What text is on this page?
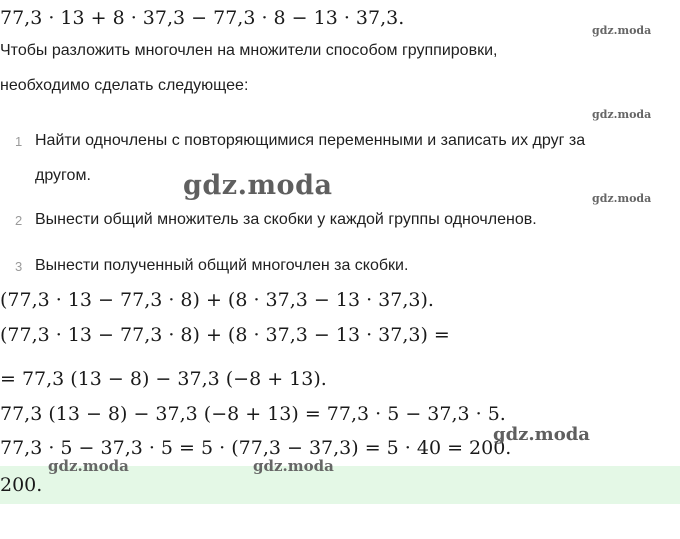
77,3 · 13 + 8 · 37,3 − 77,3 · 8 − 13 · 37,3.
Чтобы разложить многочлен на множители способом группировки,
необходимо сделать следующее:
1 Найти одночлены с повторяющимися переменными и записать их друг за
другом.
2 Вынести общий множитель за скобки у каждой группы одночленов.
3 Вынести полученный общий многочлен за скобки.
(77,3 · 13 − 77,3 · 8) + (8 · 37,3 − 13 · 37,3).
(77,3 · 13 − 77,3 · 8) + (8 · 37,3 − 13 · 37,3) =
= 77,3 (13 − 8) − 37,3 (−8 + 13).
77,3 (13 − 8) − 37,3 (−8 + 13) = 77,3 · 5 − 37,3 · 5.
77,3 · 5 − 37,3 · 5 = 5 · (77,3 − 37,3) = 5 · 40 = 200.
200.
gdz.moda
gdz.moda
gdz.moda
gdz.moda
gdz.moda
gdz.moda	gdz.moda
